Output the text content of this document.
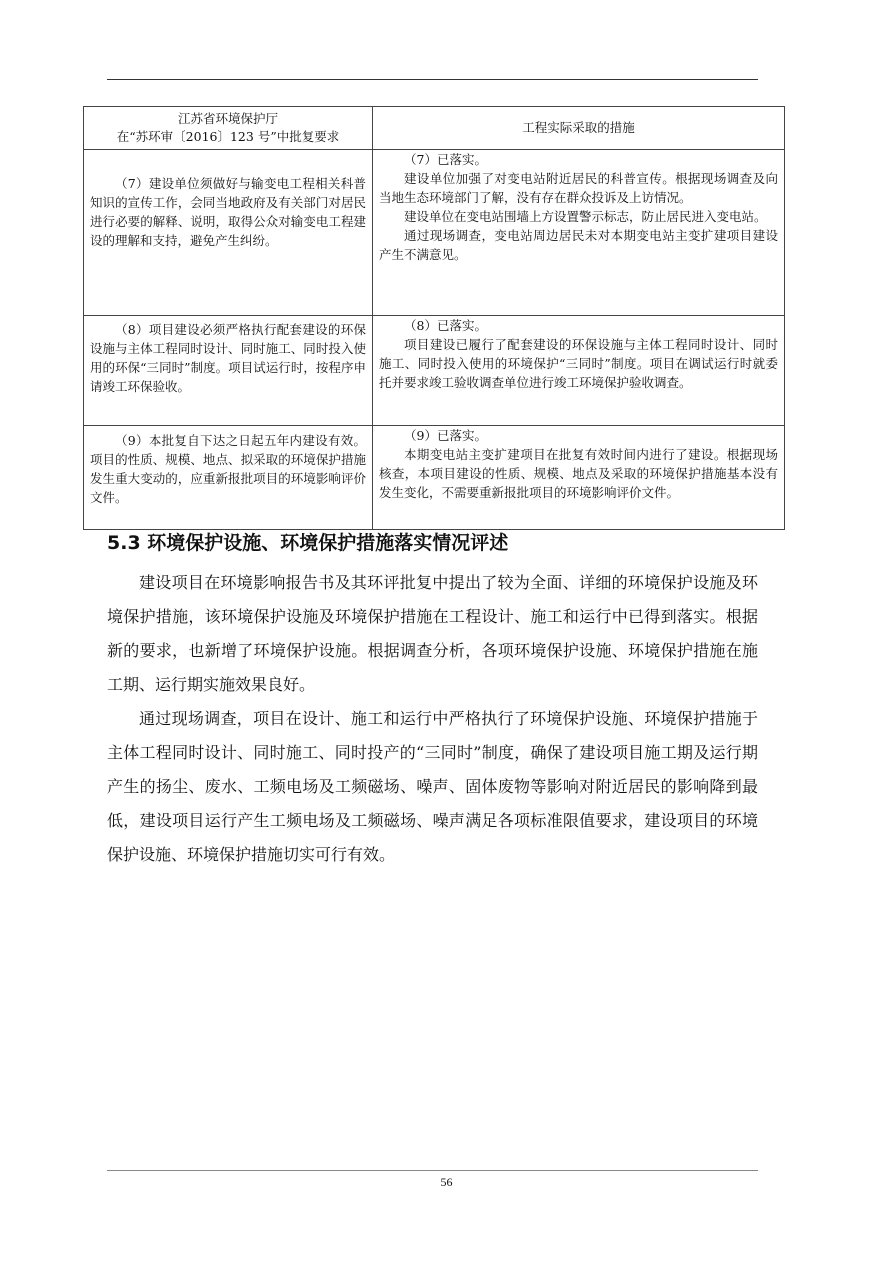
江苏省环境保护厅
在“苏环审〔2016〕123 号”中批复要求	工程实际采取的措施

（7）建设单位须做好与输变电工程相关科普知识的宣传工作，会同当地政府及有关部门对居民进行必要的解释、说明，取得公众对输变电工程建设的理解和支持，避免产生纠纷。	（7）已落实。
建设单位加强了对变电站附近居民的科普宣传。根据现场调查及向当地生态环境部门了解，没有存在群众投诉及上访情况。
建设单位在变电站围墙上方设置警示标志，防止居民进入变电站。
通过现场调查，变电站周边居民未对本期变电站主变扩建项目建设产生不满意见。

（8）项目建设必须严格执行配套建设的环保设施与主体工程同时设计、同时施工、同时投入使用的环保“三同时”制度。项目试运行时，按程序申请竣工环保验收。	（8）已落实。
项目建设已履行了配套建设的环保设施与主体工程同时设计、同时施工、同时投入使用的环境保护“三同时”制度。项目在调试运行时就委托并要求竣工验收调查单位进行竣工环境保护验收调查。

（9）本批复自下达之日起五年内建设有效。项目的性质、规模、地点、拟采取的环境保护措施发生重大变动的，应重新报批项目的环境影响评价文件。	（9）已落实。
本期变电站主变扩建项目在批复有效时间内进行了建设。根据现场核查，本项目建设的性质、规模、地点及采取的环境保护措施基本没有发生变化，不需要重新报批项目的环境影响评价文件。
5.3 环境保护设施、环境保护措施落实情况评述

建设项目在环境影响报告书及其环评批复中提出了较为全面、详细的环境保护设施及环境保护措施，该环境保护设施及环境保护措施在工程设计、施工和运行中已得到落实。根据新的要求，也新增了环境保护设施。根据调查分析，各项环境保护设施、环境保护措施在施工期、运行期实施效果良好。

通过现场调查，项目在设计、施工和运行中严格执行了环境保护设施、环境保护措施于主体工程同时设计、同时施工、同时投产的“三同时”制度，确保了建设项目施工期及运行期产生的扬尘、废水、工频电场及工频磁场、噪声、固体废物等影响对附近居民的影响降到最低，建设项目运行产生工频电场及工频磁场、噪声满足各项标准限值要求，建设项目的环境保护设施、环境保护措施切实可行有效。

56
